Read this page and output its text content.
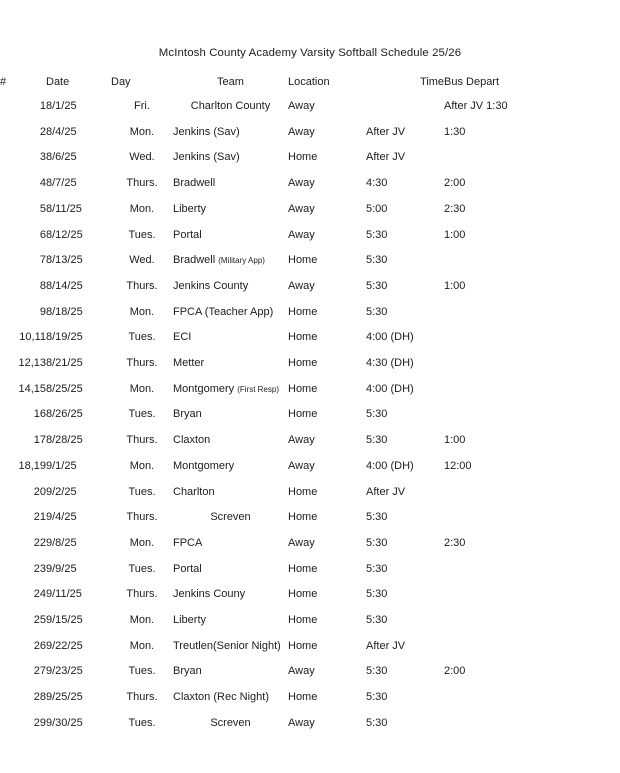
McIntosh County Academy Varsity Softball Schedule 25/26
#	Date	Day	Team	Location	Time	Bus Depart
1	8/1/25	Fri.	Charlton County	Away		After JV 1:30
2	8/4/25	Mon.	Jenkins (Sav)	Away	After JV	1:30
3	8/6/25	Wed.	Jenkins (Sav)	Home	After JV	
4	8/7/25	Thurs.	Bradwell	Away	4:30	2:00
5	8/11/25	Mon.	Liberty	Away	5:00	2:30
6	8/12/25	Tues.	Portal	Away	5:30	1:00
7	8/13/25	Wed.	Bradwell (Military App)	Home	5:30	
8	8/14/25	Thurs.	Jenkins County	Away	5:30	1:00
9	8/18/25	Mon.	FPCA (Teacher App)	Home	5:30	
10,11	8/19/25	Tues.	ECI	Home	4:00 (DH)	
12,13	8/21/25	Thurs.	Metter	Home	4:30 (DH)	
14,15	8/25/25	Mon.	Montgomery (First Resp)	Home	4:00 (DH)	
16	8/26/25	Tues.	Bryan	Home	5:30	
17	8/28/25	Thurs.	Claxton	Away	5:30	1:00
18,19	9/1/25	Mon.	Montgomery	Away	4:00 (DH)	12:00
20	9/2/25	Tues.	Charlton	Home	After JV	
21	9/4/25	Thurs.	Screven	Home	5:30	
22	9/8/25	Mon.	FPCA	Away	5:30	2:30
23	9/9/25	Tues.	Portal	Home	5:30	
24	9/11/25	Thurs.	Jenkins Couny	Home	5:30	
25	9/15/25	Mon.	Liberty	Home	5:30	
26	9/22/25	Mon.	Treutlen(Senior Night)	Home	After JV	
27	9/23/25	Tues.	Bryan	Away	5:30	2:00
28	9/25/25	Thurs.	Claxton (Rec Night)	Home	5:30	
29	9/30/25	Tues.	Screven	Away	5:30	
